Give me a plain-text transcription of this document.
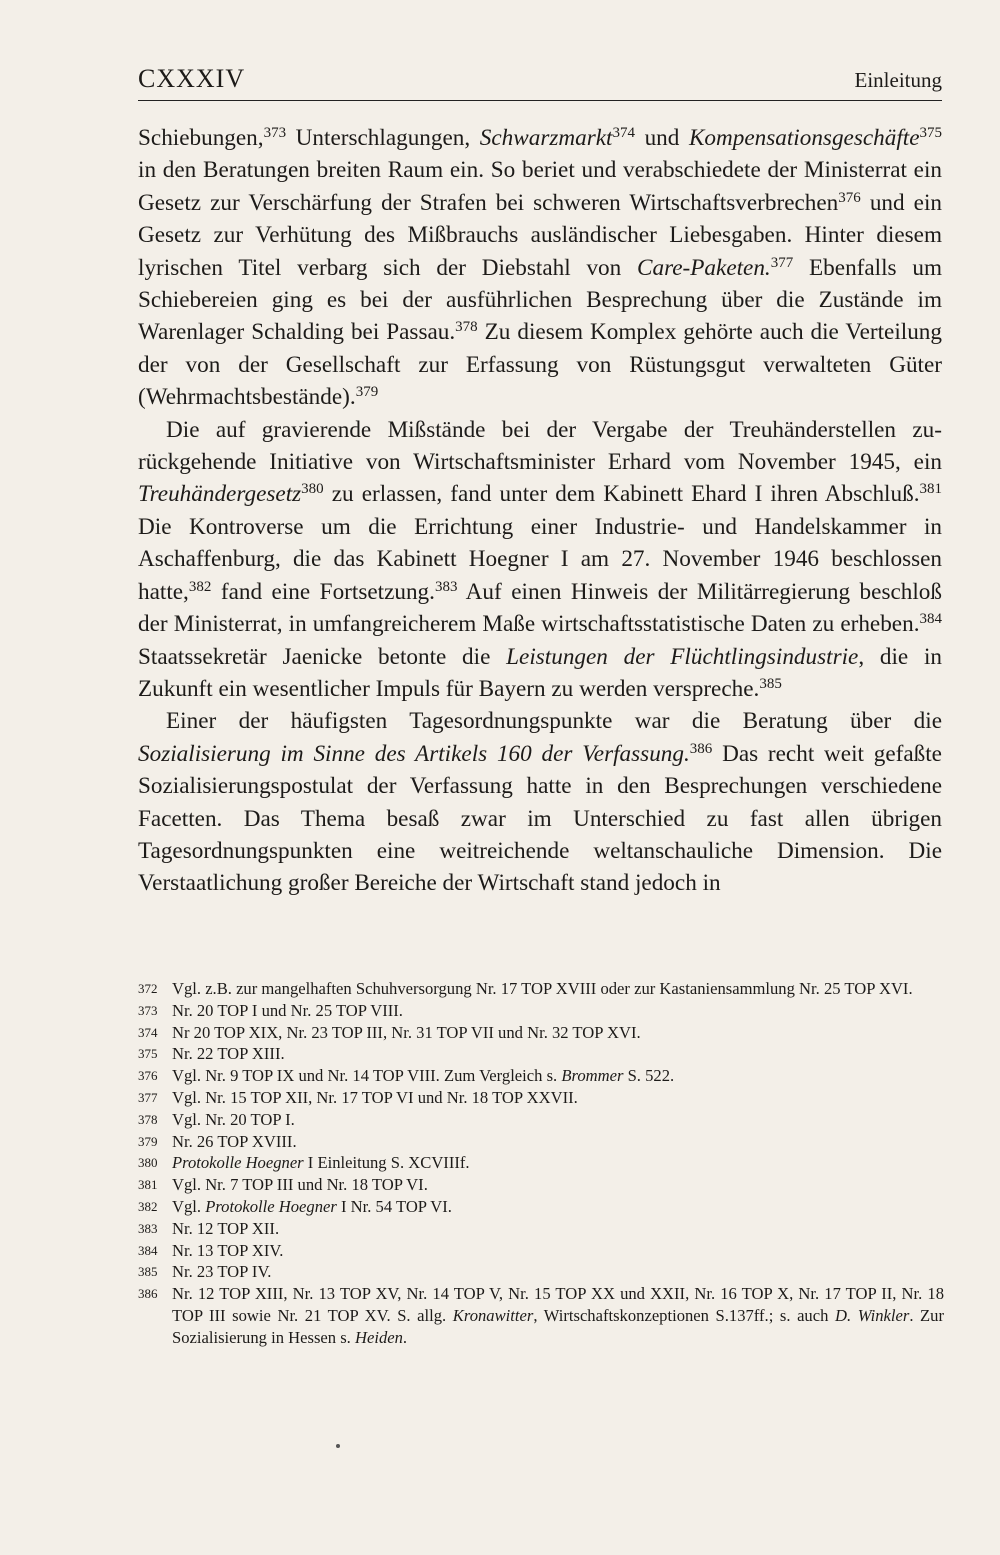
CXXXIV	Einleitung

Schiebungen,$^{373}$ Unterschlagungen, Schwarzmarkt$^{374}$ und Kompensationsgeschäfte$^{375}$ in den Beratungen breiten Raum ein. So beriet und verabschiedete der Ministerrat ein Gesetz zur Verschärfung der Strafen bei schweren Wirtschaftsverbrechen$^{376}$ und ein Gesetz zur Verhütung des Mißbrauchs ausländischer Liebesgaben. Hinter diesem lyrischen Titel verbarg sich der Diebstahl von Care-Paketen.$^{377}$ Ebenfalls um Schiebereien ging es bei der ausführlichen Besprechung über die Zustände im Warenlager Schalding bei Passau.$^{378}$ Zu diesem Komplex gehörte auch die Verteilung der von der Gesellschaft zur Erfassung von Rüstungsgut verwalteten Güter (Wehrmachtsbestände).$^{379}$

Die auf gravierende Mißstände bei der Vergabe der Treuhänderstellen zurückgehende Initiative von Wirtschaftsminister Erhard vom November 1945, ein Treuhändergesetz$^{380}$ zu erlassen, fand unter dem Kabinett Ehard I ihren Abschluß.$^{381}$ Die Kontroverse um die Errichtung einer Industrie- und Handelskammer in Aschaffenburg, die das Kabinett Hoegner I am 27. November 1946 beschlossen hatte,$^{382}$ fand eine Fortsetzung.$^{383}$ Auf einen Hinweis der Militärregierung beschloß der Ministerrat, in umfangreicherem Maße wirtschaftsstatistische Daten zu erheben.$^{384}$ Staatssekretär Jaenicke betonte die Leistungen der Flüchtlingsindustrie, die in Zukunft ein wesentlicher Impuls für Bayern zu werden verspreche.$^{385}$

Einer der häufigsten Tagesordnungspunkte war die Beratung über die Sozialisierung im Sinne des Artikels 160 der Verfassung.$^{386}$ Das recht weit gefaßte Sozialisierungspostulat der Verfassung hatte in den Besprechungen verschiedene Facetten. Das Thema besaß zwar im Unterschied zu fast allen übrigen Tagesordnungspunkten eine weitreichende weltanschauliche Dimension. Die Verstaatlichung großer Bereiche der Wirtschaft stand jedoch in

372 Vgl. z.B. zur mangelhaften Schuhversorgung Nr. 17 TOP XVIII oder zur Kastaniensammlung Nr. 25 TOP XVI.
373 Nr. 20 TOP I und Nr. 25 TOP VIII.
374 Nr 20 TOP XIX, Nr. 23 TOP III, Nr. 31 TOP VII und Nr. 32 TOP XVI.
375 Nr. 22 TOP XIII.
376 Vgl. Nr. 9 TOP IX und Nr. 14 TOP VIII. Zum Vergleich s. Brommer S. 522.
377 Vgl. Nr. 15 TOP XII, Nr. 17 TOP VI und Nr. 18 TOP XXVII.
378 Vgl. Nr. 20 TOP I.
379 Nr. 26 TOP XVIII.
380 Protokolle Hoegner I Einleitung S. XCVIIIf.
381 Vgl. Nr. 7 TOP III und Nr. 18 TOP VI.
382 Vgl. Protokolle Hoegner I Nr. 54 TOP VI.
383 Nr. 12 TOP XII.
384 Nr. 13 TOP XIV.
385 Nr. 23 TOP IV.
386 Nr. 12 TOP XIII, Nr. 13 TOP XV, Nr. 14 TOP V, Nr. 15 TOP XX und XXII, Nr. 16 TOP X, Nr. 17 TOP II, Nr. 18 TOP III sowie Nr. 21 TOP XV. S. allg. Kronawitter, Wirtschaftskonzeptionen S.137ff.; s. auch D. Winkler. Zur Sozialisierung in Hessen s. Heiden.
